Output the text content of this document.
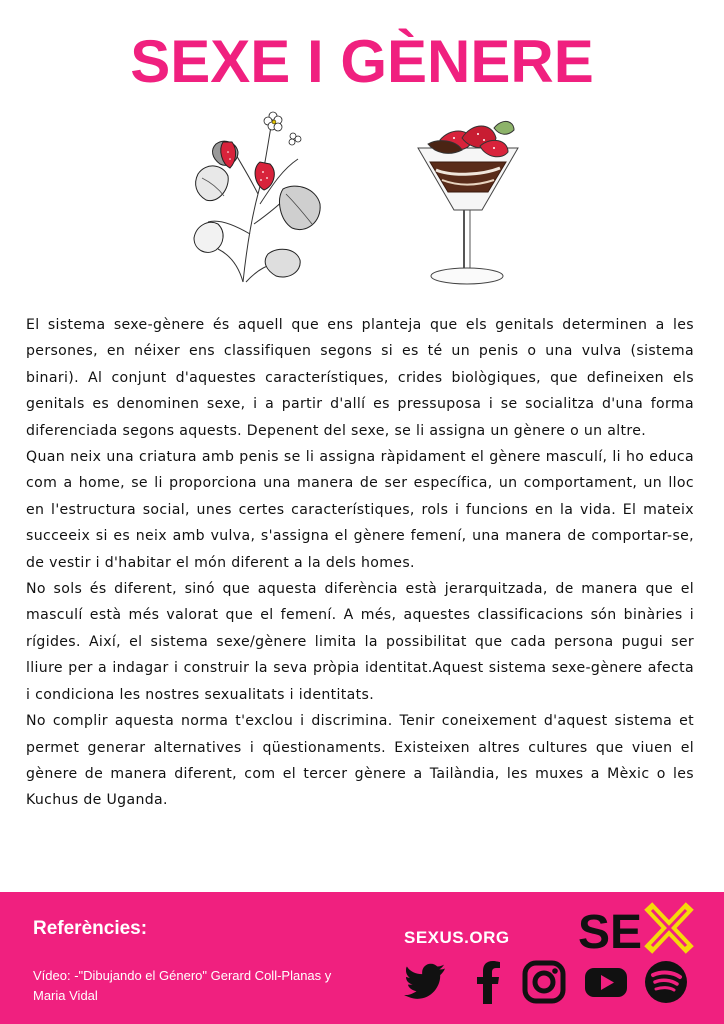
SEXE I GÈNERE

El sistema sexe-gènere és aquell que ens planteja que els genitals determinen a les persones, en néixer ens classifiquen segons si es té un penis o una vulva (sistema binari). Al conjunt d'aquestes característiques, crides biològiques, que defineixen els genitals es denominen sexe, i a partir d'allí es pressuposa i se socialitza d'una forma diferenciada segons aquests. Depenent del sexe, se li assigna un gènere o un altre.

Quan neix una criatura amb penis se li assigna ràpidament el gènere masculí, li ho educa com a home, se li proporciona una manera de ser específica, un comportament, un lloc en l'estructura social, unes certes característiques, rols i funcions en la vida. El mateix succeeix si es neix amb vulva, s'assigna el gènere femení, una manera de comportar-se, de vestir i d'habitar el món diferent a la dels homes.

No sols és diferent, sinó que aquesta diferència està jerarquitzada, de manera que el masculí està més valorat que el femení. A més, aquestes classificacions són binàries i rígides. Així, el sistema sexe/gènere limita la possibilitat que cada persona pugui ser lliure per a indagar i construir la seva pròpia identitat.Aquest sistema sexe-gènere afecta i condiciona les nostres sexualitats i identitats.

No complir aquesta norma t'exclou i discrimina. Tenir coneixement d'aquest sistema et permet generar alternatives i qüestionaments. Existeixen altres cultures que viuen el gènere de manera diferent, com el tercer gènere a Tailàndia, les muxes a Mèxic o les Kuchus de Uganda.

Referències:

Vídeo: -"Dibujando el Género" Gerard Coll-Planas y Maria Vidal

SEXUS.ORG SE
